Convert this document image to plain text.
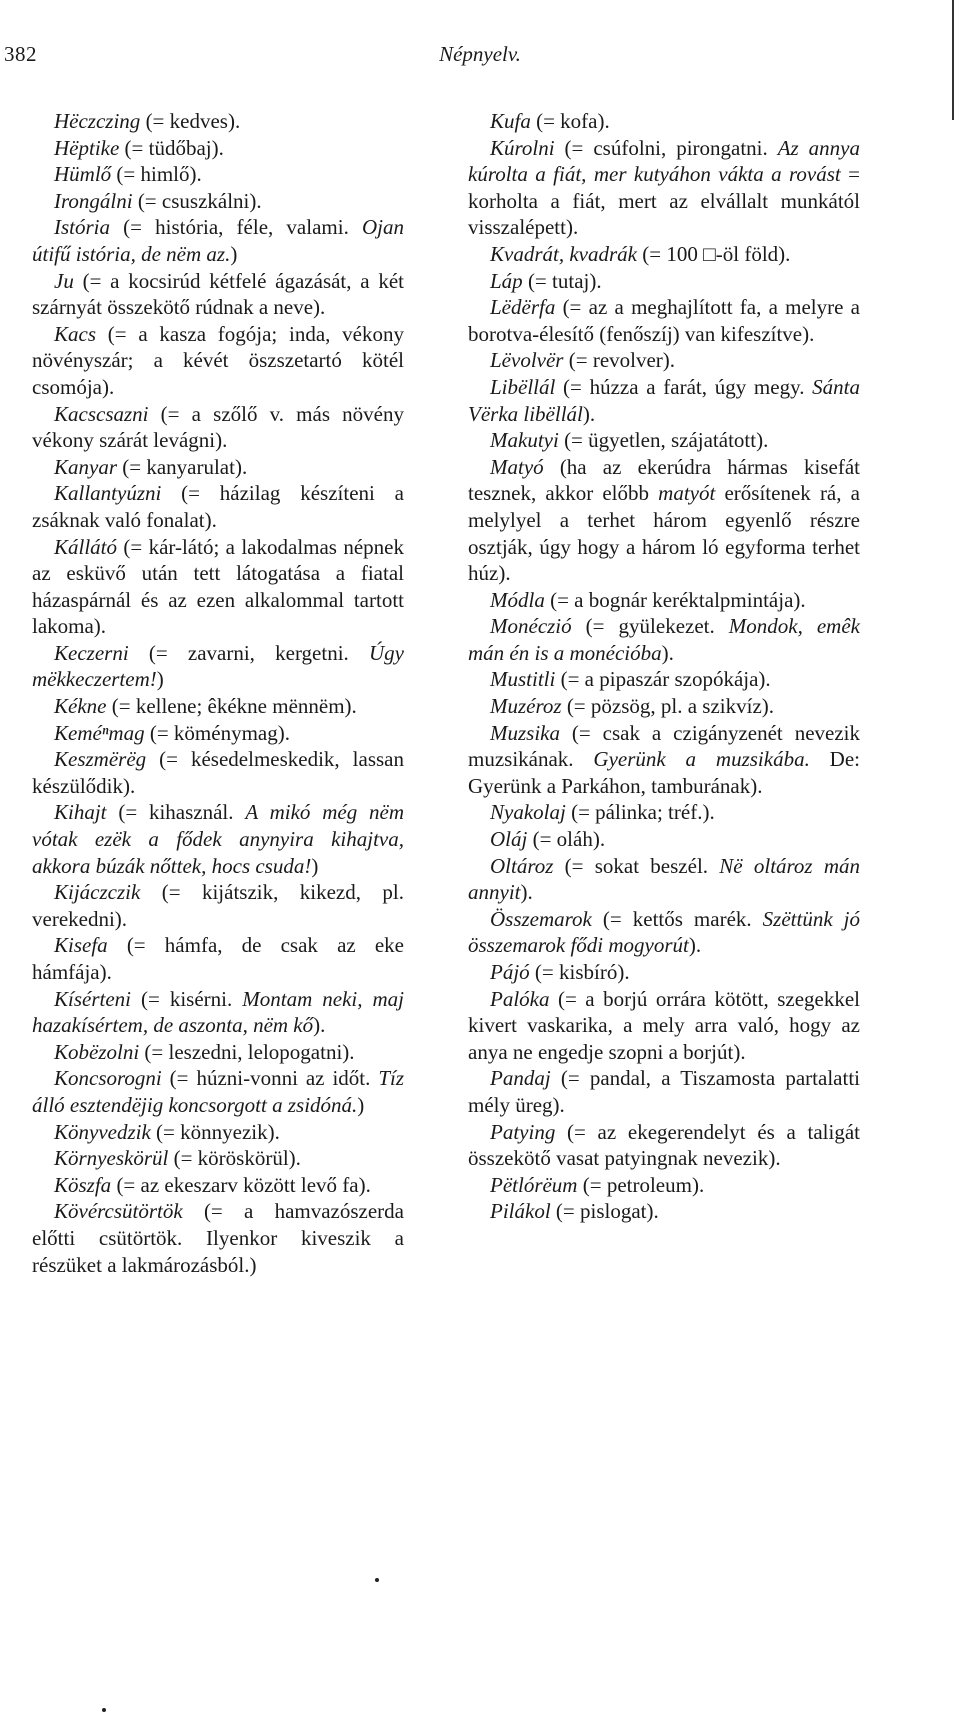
382	Népnyelv.

Hëczczing (= kedves).

Hëptike (= tüdőbaj).

Hümlő (= himlő).

Irongálni (= csuszkálni).

Istória (= história, féle, valami. Ojan útifű istória, de nëm az.)

Ju (= a kocsirúd kétfelé ágazását, a két szárnyát összekötő rúdnak a neve).

Kacs (= a kasza fogója; inda, vékony növényszár; a kévét öszszetartó kötél csomója).

Kacscsazni (= a szőlő v. más növény vékony szárát levágni).

Kanyar (= kanyarulat).

Kallantyúzni (= házilag készíteni a zsáknak való fonalat).

Kállátó (= kár-látó; a lakodalmas népnek az esküvő után tett látogatása a fiatal házaspárnál és az ezen alkalommal tartott lakoma).

Keczerni (= zavarni, kergetni. Úgy mëkkeczertem!)

Kékne (= kellene; êkékne mënnëm).

Keméⁿmag (= köménymag).

Keszmërëg (= késedelmeskedik, lassan készülődik).

Kihajt (= kihasznál. A mikó még nëm vótak ezëk a fődek anynyira kihajtva, akkora búzák nőttek, hocs csuda!)

Kijáczczik (= kijátszik, kikezd, pl. verekedni).

Kisefa (= hámfa, de csak az eke hámfája).

Kísérteni (= kisérni. Montam neki, maj hazakísértem, de aszonta, nëm kő).

Kobëzolni (= leszedni, lelopogatni).

Koncsorogni (= húzni-vonni az időt. Tíz álló esztendëjig koncsorgott a zsidóná.)

Könyvedzik (= könnyezik).

Környeskörül (= köröskörül).

Köszfa (= az ekeszarv között levő fa).

Kövércsütörtök (= a hamvazószerda előtti csütörtök. Ilyenkor kiveszik a részüket a lakmározásból.)

Kufa (= kofa).

Kúrolni (= csúfolni, pirongatni. Az annya kúrolta a fiát, mer kutyáhon vákta a rovást = korholta a fiát, mert az elvállalt munkától visszalépett).

Kvadrát, kvadrák (= 100 □-öl föld).

Láp (= tutaj).

Lëdërfa (= az a meghajlított fa, a melyre a borotva-élesítő (fenőszíj) van kifeszítve).

Lëvolvër (= revolver).

Libëllál (= húzza a farát, úgy megy. Sánta Vërka libëllál).

Makutyi (= ügyetlen, szájatátott).

Matyó (ha az ekerúdra hármas kisefát tesznek, akkor előbb matyót erősítenek rá, a melylyel a terhet három egyenlő részre osztják, úgy hogy a három ló egyforma terhet húz).

Módla (= a bognár keréktalpmintája).

Monéczió (= gyülekezet. Mondok, emêk mán én is a monécióba).

Mustitli (= a pipaszár szopókája).

Muzéroz (= pözsög, pl. a szikvíz).

Muzsika (= csak a czigányzenét nevezik muzsikának. Gyerünk a muzsikába. De: Gyerünk a Parkáhon, tamburának).

Nyakolaj (= pálinka; tréf.).

Oláj (= oláh).

Oltároz (= sokat beszél. Në oltároz mán annyit).

Összemarok (= kettős marék. Szëttünk jó összemarok fődi mogyorút).

Pájó (= kisbíró).

Palóka (= a borjú orrára kötött, szegekkel kivert vaskarika, a mely arra való, hogy az anya ne engedje szopni a borjút).

Pandaj (= pandal, a Tiszamosta partalatti mély üreg).

Patying (= az ekegerendelyt és a taligát összekötő vasat patyingnak nevezik).

Pëtlórëum (= petroleum).

Pilákol (= pislogat).
